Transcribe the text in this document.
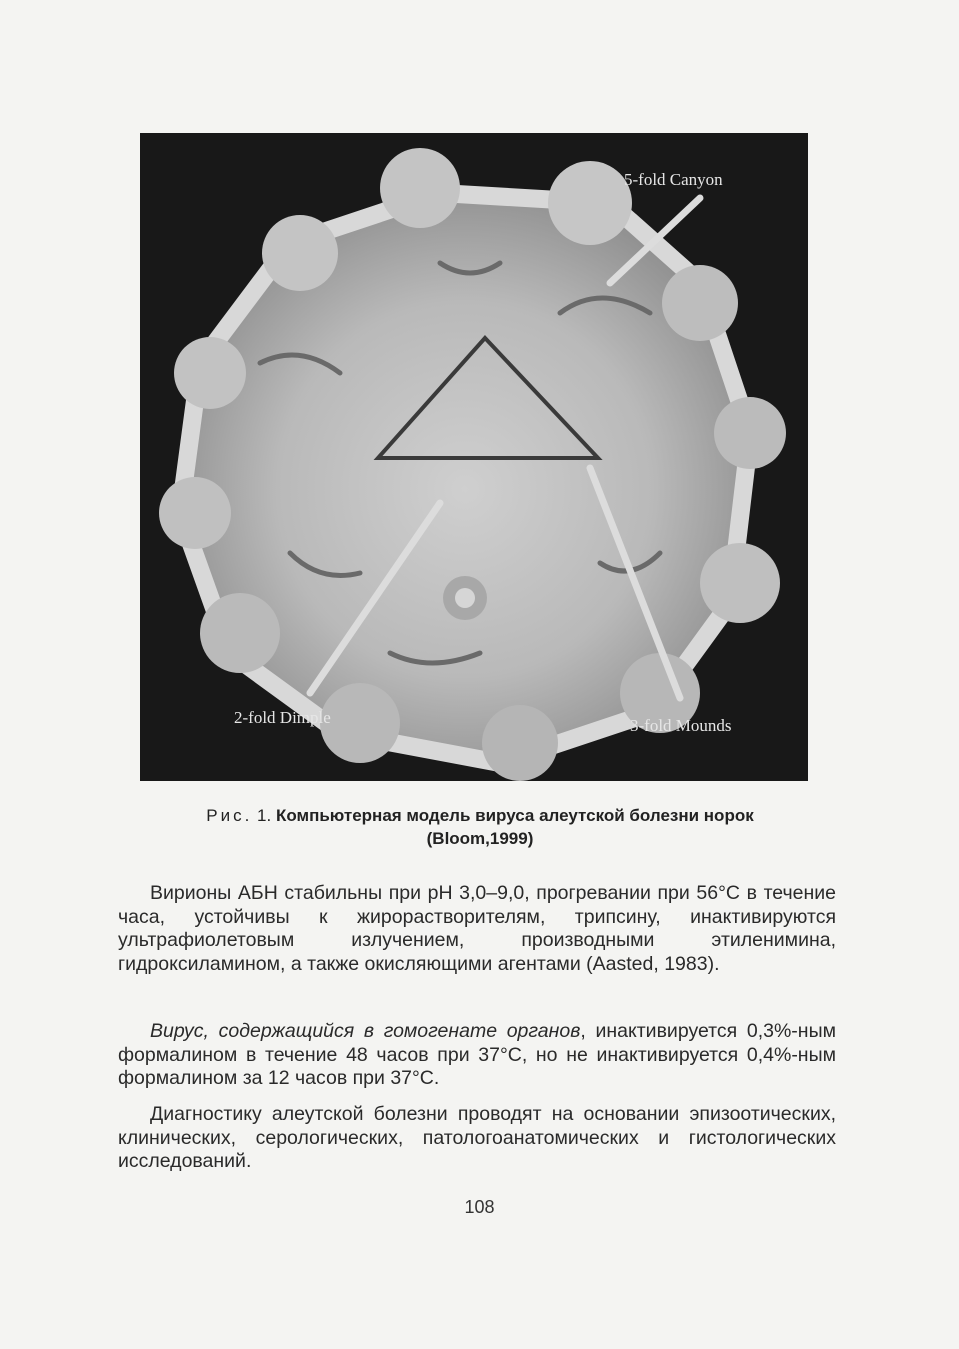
5-fold Canyon
2-fold Dimple	3-fold Mounds
Рис. 1. Компьютерная модель вируса алеутской болезни норок (Bloom,1999)

Вирионы АБН стабильны при рН 3,0–9,0, прогревании при 56°С в течение часа, устойчивы к жирорастворителям, трипсину, инактивируются ультрафиолетовым излучением, производными этиленимина, гидроксиламином, а также окисляющими агентами (Aasted, 1983).

Вирус, содержащийся в гомогенате органов, инактивируется 0,3%-ным формалином в течение 48 часов при 37°С, но не инактивируется 0,4%-ным формалином за 12 часов при 37°С.

Диагностику алеутской болезни проводят на основании эпизоотических, клинических, серологических, патологоанатомических и гистологических исследований.

108
